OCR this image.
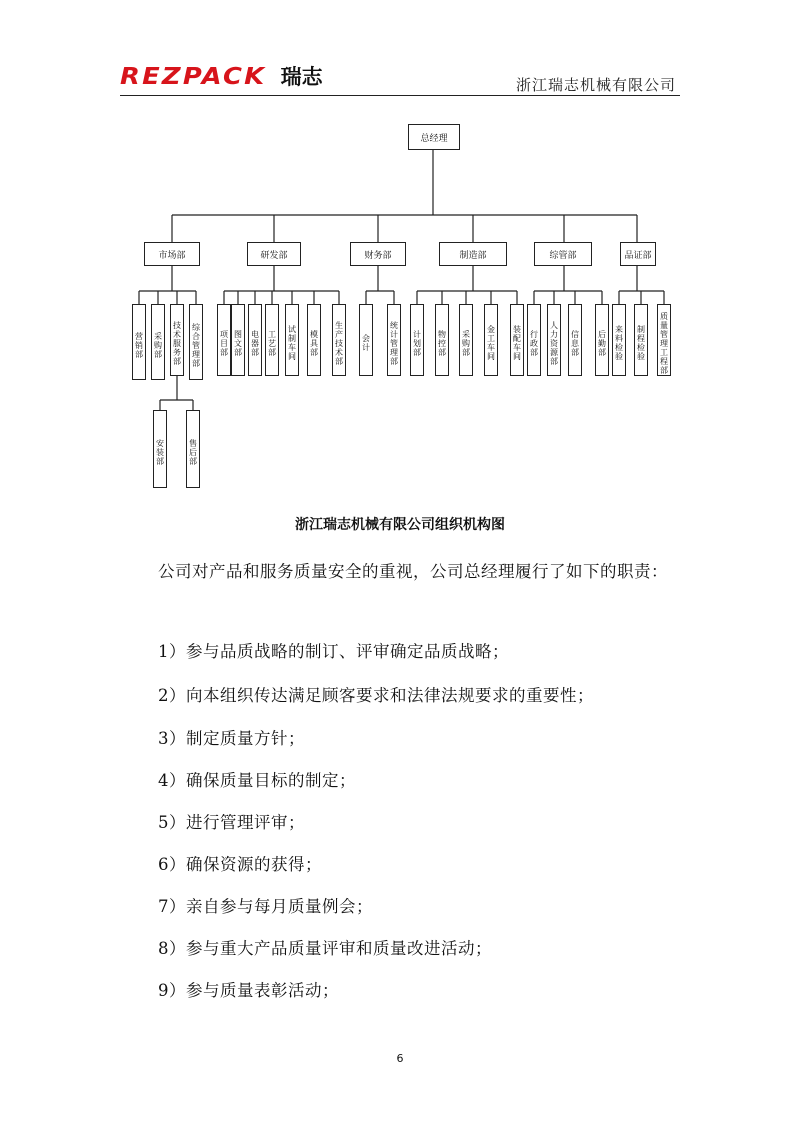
REZPACK 瑞志	浙江瑞志机械有限公司
总经理
市场部	研发部	财务部	制造部	综管部	品证部
营销部	采购部	技术服务部	综合管理部
安装部	售后部
项目部 图文部	电器部	工艺部	试制车间	模具部	生产技术部	会计	统计管理部	计划部	物控部	采购部	金工车间	装配车间	行政部	人力资源部	信息部	后勤部	来料检验	制程检验	质量管理工程部
浙江瑞志机械有限公司组织机构图
公司对产品和服务质量安全的重视，公司总经理履行了如下的职责：
1）参与品质战略的制订、评审确定品质战略；
2）向本组织传达满足顾客要求和法律法规要求的重要性；
3）制定质量方针；
4）确保质量目标的制定；
5）进行管理评审；
6）确保资源的获得；
7）亲自参与每月质量例会；
8）参与重大产品质量评审和质量改进活动；
9）参与质量表彰活动；
6
